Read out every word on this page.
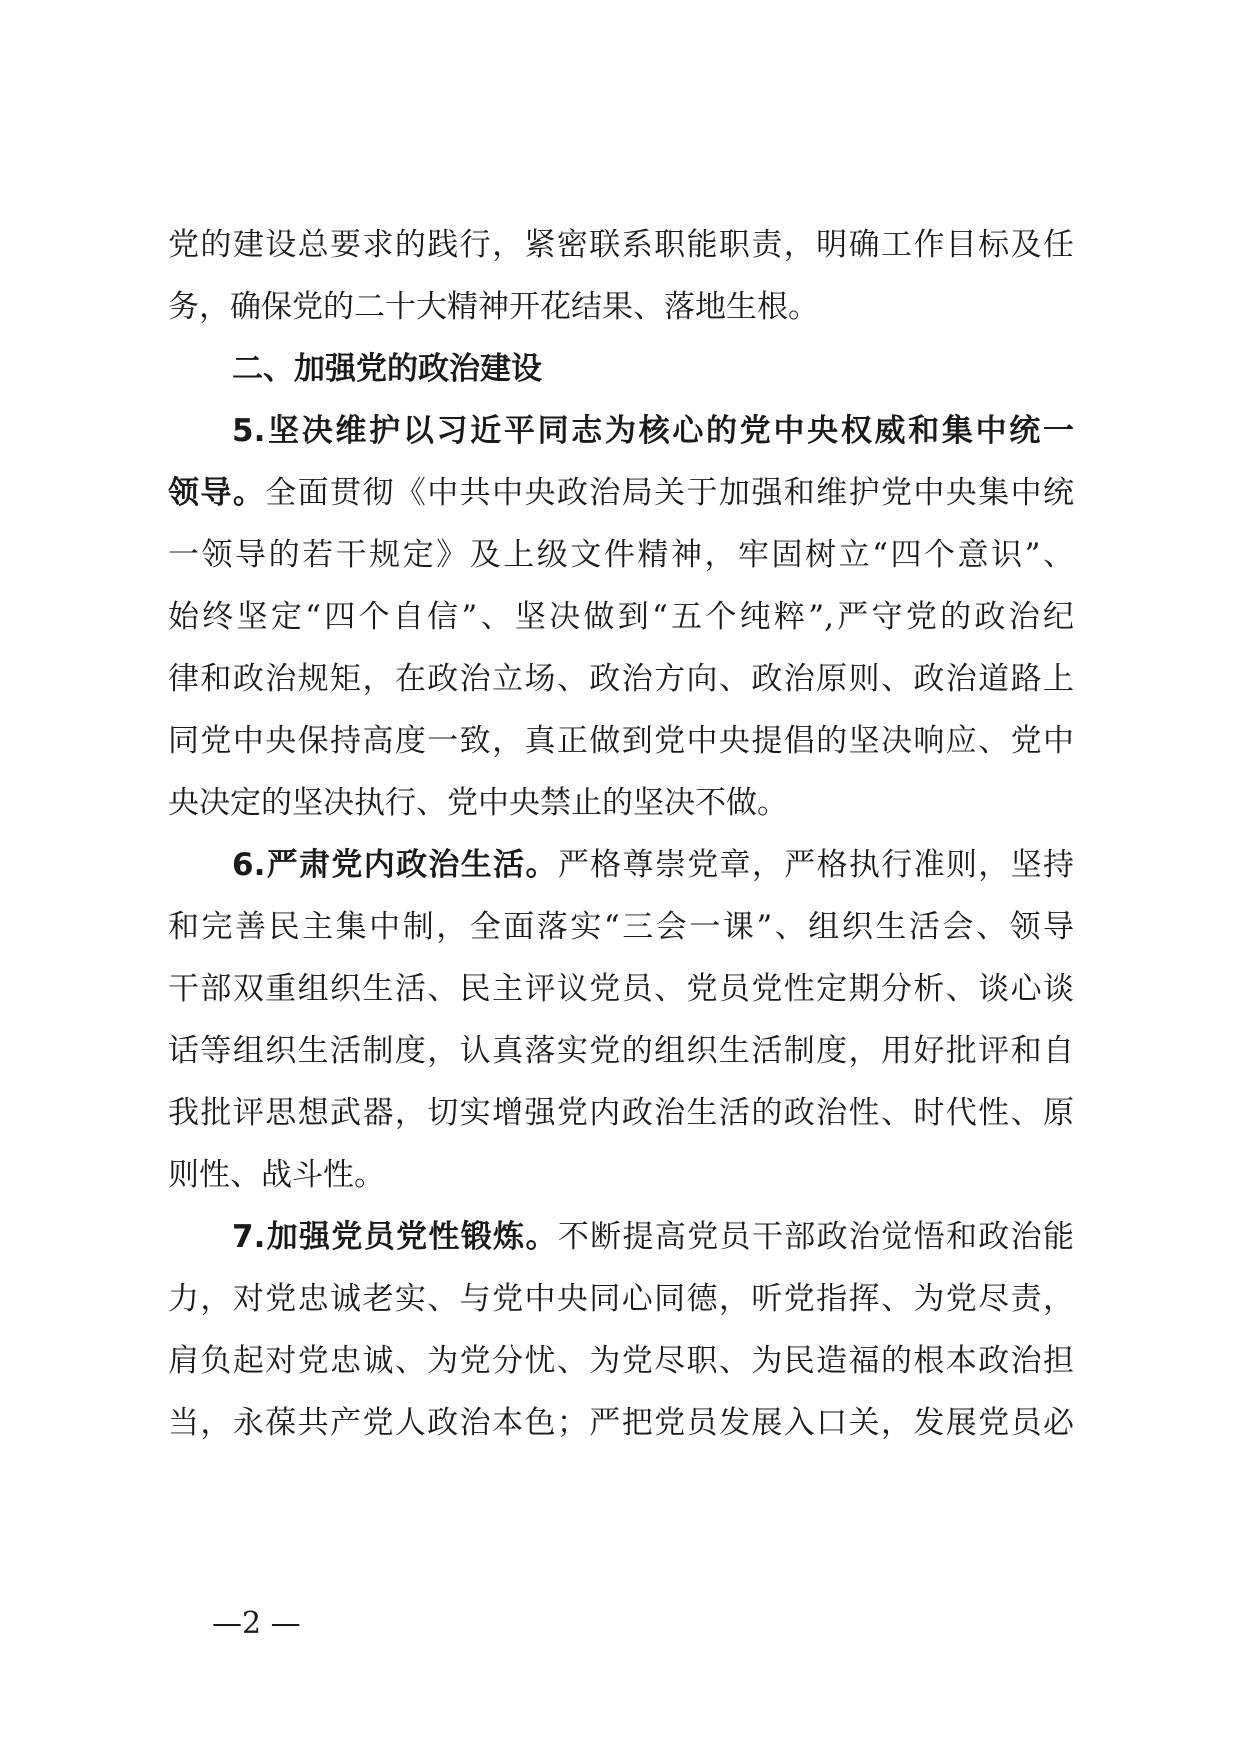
党的建设总要求的践行，紧密联系职能职责，明确工作目标及任
务，确保党的二十大精神开花结果、落地生根。
二、加强党的政治建设
5.坚决维护以习近平同志为核心的党中央权威和集中统一
领导。全面贯彻《中共中央政治局关于加强和维护党中央集中统
一领导的若干规定》及上级文件精神，牢固树立“四个意识”、
始终坚定“四个自信”、坚决做到“五个纯粹”,严守党的政治纪
律和政治规矩，在政治立场、政治方向、政治原则、政治道路上
同党中央保持高度一致，真正做到党中央提倡的坚决响应、党中
央决定的坚决执行、党中央禁止的坚决不做。
6.严肃党内政治生活。严格尊崇党章，严格执行准则，坚持
和完善民主集中制，全面落实“三会一课”、组织生活会、领导
干部双重组织生活、民主评议党员、党员党性定期分析、谈心谈
话等组织生活制度，认真落实党的组织生活制度，用好批评和自
我批评思想武器，切实增强党内政治生活的政治性、时代性、原
则性、战斗性。
7.加强党员党性锻炼。不断提高党员干部政治觉悟和政治能
力，对党忠诚老实、与党中央同心同德，听党指挥、为党尽责，
肩负起对党忠诚、为党分忧、为党尽职、为民造福的根本政治担
当，永葆共产党人政治本色；严把党员发展入口关，发展党员必
—2 —
